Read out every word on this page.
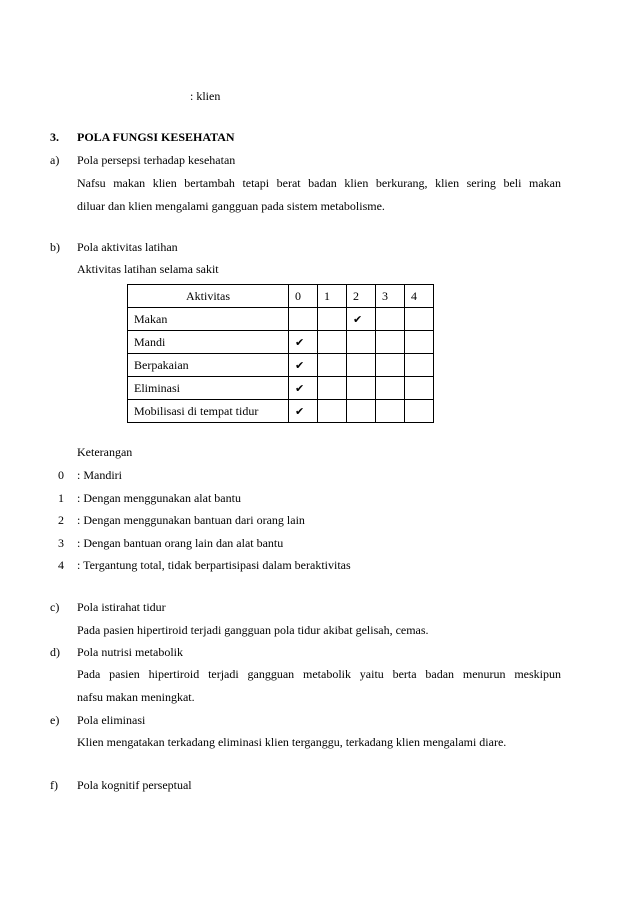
: klien
3. POLA FUNGSI KESEHATAN
a) Pola persepsi terhadap kesehatan
Nafsu makan klien bertambah tetapi berat badan klien berkurang, klien sering beli makan
diluar dan klien mengalami gangguan pada sistem metabolisme.
b) Pola aktivitas latihan
Aktivitas latihan selama sakit
Aktivitas	0	1	2	3	4
Makan			✔		
Mandi	✔				
Berpakaian	✔				
Eliminasi	✔				
Mobilisasi di tempat tidur	✔				
Keterangan
0 : Mandiri
1 : Dengan menggunakan alat bantu
2 : Dengan menggunakan bantuan dari orang lain
3 : Dengan bantuan orang lain dan alat bantu
4 : Tergantung total, tidak berpartisipasi dalam beraktivitas
c) Pola istirahat tidur
Pada pasien hipertiroid terjadi gangguan pola tidur akibat gelisah, cemas.
d) Pola nutrisi metabolik
Pada pasien hipertiroid terjadi gangguan metabolik yaitu berta badan menurun meskipun
nafsu makan meningkat.
e) Pola eliminasi
Klien mengatakan terkadang eliminasi klien terganggu, terkadang klien mengalami diare.
f) Pola kognitif perseptual
